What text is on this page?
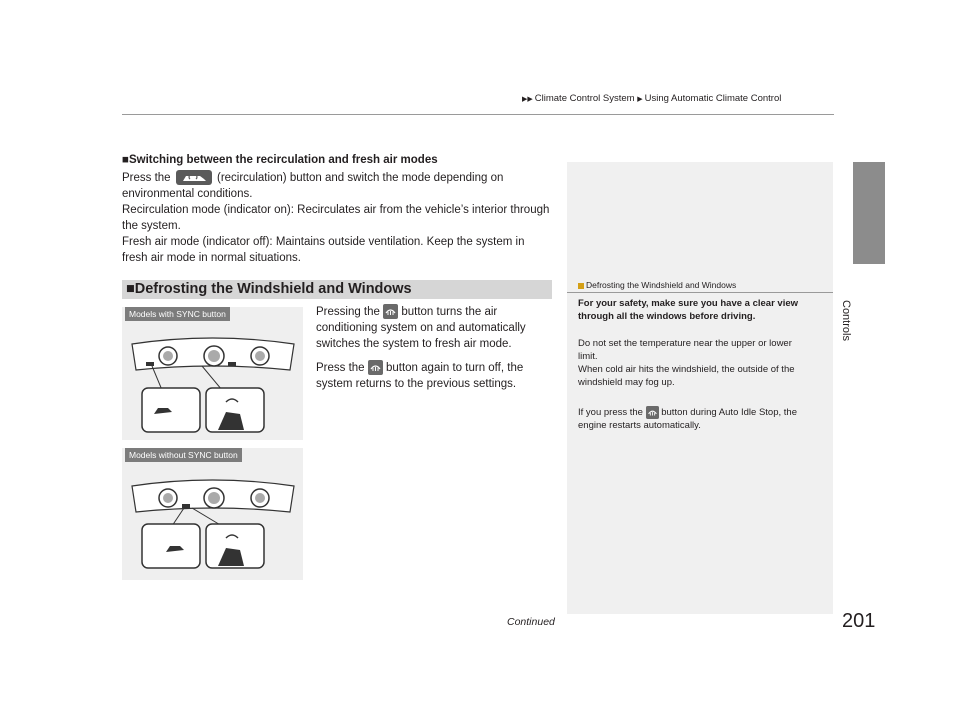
▶▶ Climate Control System ▶ Using Automatic Climate Control
Controls
■Switching between the recirculation and fresh air modes
Press the	(recirculation) button and switch the mode depending on
environmental conditions.
Recirculation mode (indicator on): Recirculates air from the vehicle’s interior through
the system.
Fresh air mode (indicator off): Maintains outside ventilation. Keep the system in
fresh air mode in normal situations.
■Defrosting the Windshield and Windows
Pressing the button turns the air
conditioning system on and automatically
switches the system to fresh air mode.
Press the button again to turn off, the
system returns to the previous settings.
Models with SYNC button
Models without SYNC button
Defrosting the Windshield and Windows
For your safety, make sure you have a clear view
through all the windows before driving.
Do not set the temperature near the upper or lower
limit.
When cold air hits the windshield, the outside of the
windshield may fog up.
If you press the button during Auto Idle Stop, the
engine restarts automatically.
Continued	201
